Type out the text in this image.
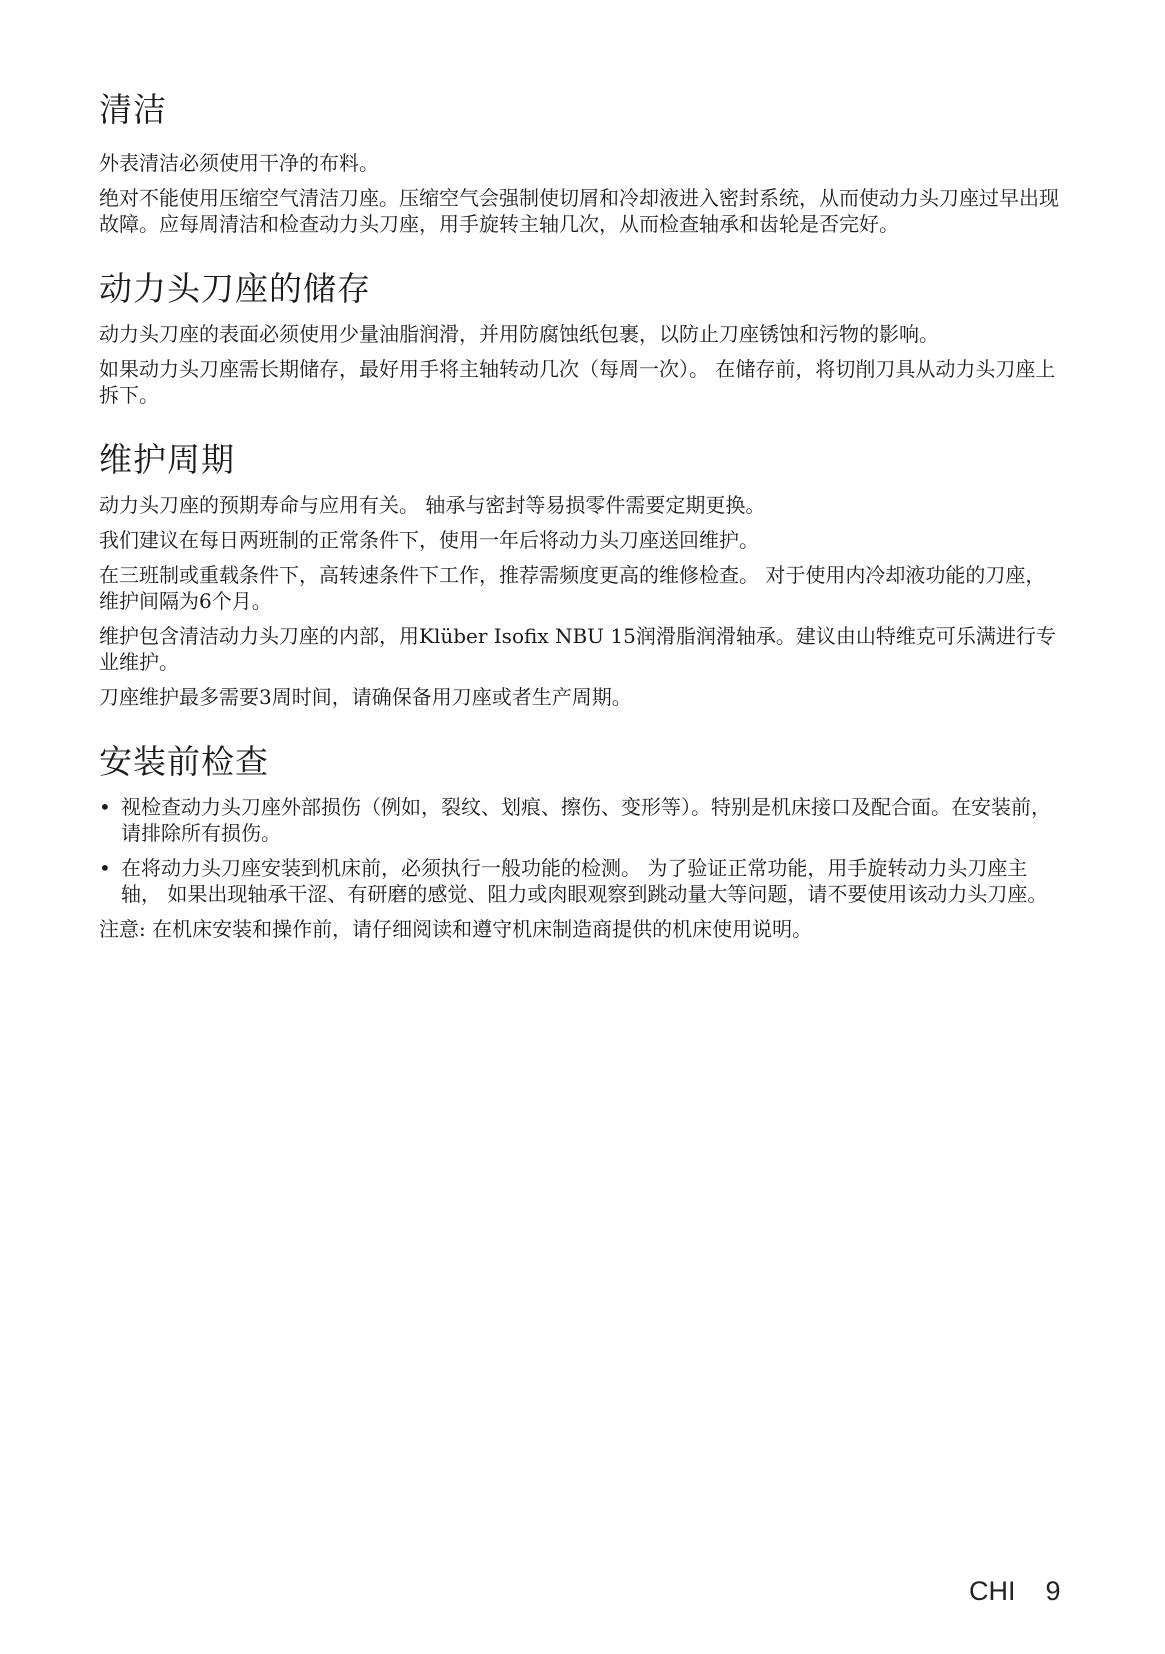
清洁

外表清洁必须使用干净的布料。

绝对不能使用压缩空气清洁刀座。压缩空气会强制使切屑和冷却液进入密封系统，从而使动力头刀座过早出现故障。应每周清洁和检查动力头刀座，用手旋转主轴几次，从而检查轴承和齿轮是否完好。

动力头刀座的储存

动力头刀座的表面必须使用少量油脂润滑，并用防腐蚀纸包裹，以防止刀座锈蚀和污物的影响。

如果动力头刀座需长期储存，最好用手将主轴转动几次（每周一次）。 在储存前，将切削刀具从动力头刀座上拆下。

维护周期

动力头刀座的预期寿命与应用有关。 轴承与密封等易损零件需要定期更换。

我们建议在每日两班制的正常条件下，使用一年后将动力头刀座送回维护。

在三班制或重载条件下，高转速条件下工作，推荐需频度更高的维修检查。 对于使用内冷却液功能的刀座，维护间隔为6个月。

维护包含清洁动力头刀座的内部，用Klüber Isofix NBU 15润滑脂润滑轴承。建议由山特维克可乐满进行专业维护。

刀座维护最多需要3周时间，请确保备用刀座或者生产周期。

安装前检查
• 视检查动力头刀座外部损伤（例如，裂纹、划痕、擦伤、变形等）。特别是机床接口及配合面。在安装前，请排除所有损伤。
• 在将动力头刀座安装到机床前，必须执行一般功能的检测。 为了验证正常功能，用手旋转动力头刀座主轴， 如果出现轴承干涩、有研磨的感觉、阻力或肉眼观察到跳动量大等问题，请不要使用该动力头刀座。

注意: 在机床安装和操作前，请仔细阅读和遵守机床制造商提供的机床使用说明。

CHI 9
